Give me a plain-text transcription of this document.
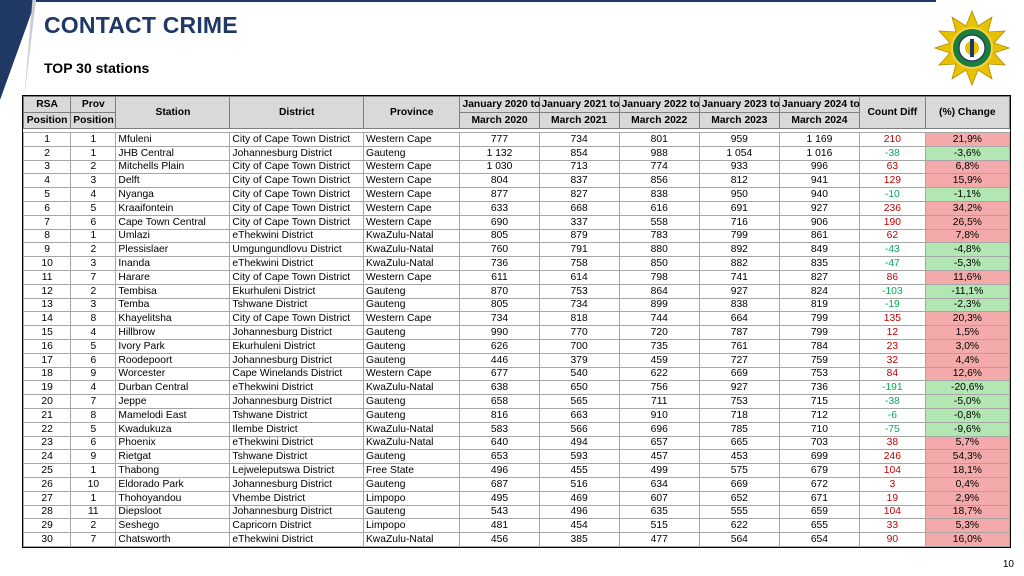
CONTACT CRIME
TOP 30 stations
RSA	Prov	Station	District	Province	January 2020 to	January 2021 to	January 2022 to	January 2023 to	January 2024 to	Count Diff	(%) Change
Position	Position				March 2020	March 2021	March 2022	March 2023	March 2024		

1	1	Mfuleni	City of Cape Town District	Western Cape	777	734	801	959	1 169	210	21,9%
2	1	JHB Central	Johannesburg District	Gauteng	1 132	854	988	1 054	1 016	-38	-3,6%
3	2	Mitchells Plain	City of Cape Town District	Western Cape	1 030	713	774	933	996	63	6,8%
4	3	Delft	City of Cape Town District	Western Cape	804	837	856	812	941	129	15,9%
5	4	Nyanga	City of Cape Town District	Western Cape	877	827	838	950	940	-10	-1,1%
6	5	Kraaifontein	City of Cape Town District	Western Cape	633	668	616	691	927	236	34,2%
7	6	Cape Town Central	City of Cape Town District	Western Cape	690	337	558	716	906	190	26,5%
8	1	Umlazi	eThekwini District	KwaZulu-Natal	805	879	783	799	861	62	7,8%
9	2	Plessislaer	Umgungundlovu District	KwaZulu-Natal	760	791	880	892	849	-43	-4,8%
10	3	Inanda	eThekwini District	KwaZulu-Natal	736	758	850	882	835	-47	-5,3%
11	7	Harare	City of Cape Town District	Western Cape	611	614	798	741	827	86	11,6%
12	2	Tembisa	Ekurhuleni District	Gauteng	870	753	864	927	824	-103	-11,1%
13	3	Temba	Tshwane District	Gauteng	805	734	899	838	819	-19	-2,3%
14	8	Khayelitsha	City of Cape Town District	Western Cape	734	818	744	664	799	135	20,3%
15	4	Hillbrow	Johannesburg District	Gauteng	990	770	720	787	799	12	1,5%
16	5	Ivory Park	Ekurhuleni District	Gauteng	626	700	735	761	784	23	3,0%
17	6	Roodepoort	Johannesburg District	Gauteng	446	379	459	727	759	32	4,4%
18	9	Worcester	Cape Winelands District	Western Cape	677	540	622	669	753	84	12,6%
19	4	Durban Central	eThekwini District	KwaZulu-Natal	638	650	756	927	736	-191	-20,6%
20	7	Jeppe	Johannesburg District	Gauteng	658	565	711	753	715	-38	-5,0%
21	8	Mamelodi East	Tshwane District	Gauteng	816	663	910	718	712	-6	-0,8%
22	5	Kwadukuza	Ilembe District	KwaZulu-Natal	583	566	696	785	710	-75	-9,6%
23	6	Phoenix	eThekwini District	KwaZulu-Natal	640	494	657	665	703	38	5,7%
24	9	Rietgat	Tshwane District	Gauteng	653	593	457	453	699	246	54,3%
25	1	Thabong	Lejweleputswa District	Free State	496	455	499	575	679	104	18,1%
26	10	Eldorado Park	Johannesburg District	Gauteng	687	516	634	669	672	3	0,4%
27	1	Thohoyandou	Vhembe District	Limpopo	495	469	607	652	671	19	2,9%
28	11	Diepsloot	Johannesburg District	Gauteng	543	496	635	555	659	104	18,7%
29	2	Seshego	Capricorn District	Limpopo	481	454	515	622	655	33	5,3%
30	7	Chatsworth	eThekwini District	KwaZulu-Natal	456	385	477	564	654	90	16,0%
10
